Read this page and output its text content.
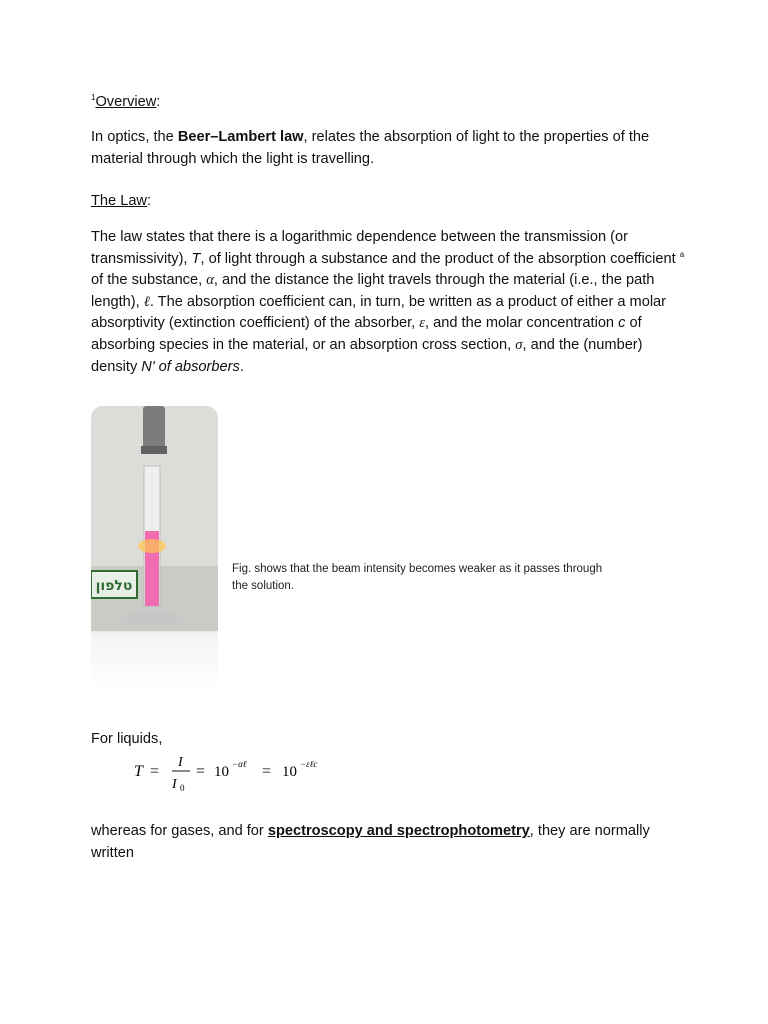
$^1$Overview:
In optics, the Beer–Lambert law, relates the absorption of light to the properties of the material through which the light is travelling.
The Law:
The law states that there is a logarithmic dependence between the transmission (or transmissivity), T, of light through a substance and the product of the absorption coefficient $^a$ of the substance, α, and the distance the light travels through the material (i.e., the path length), ℓ. The absorption coefficient can, in turn, be written as a product of either a molar absorptivity (extinction coefficient) of the absorber, ε, and the molar concentration c of absorbing species in the material, or an absorption cross section, σ, and the (number) density N' of absorbers.
טלפון
Fig. shows that the beam intensity becomes weaker as it passes through the solution.
For liquids,
T =
I
I 0
= 10 −αℓ = 10 −εℓc
whereas for gases, and for spectroscopy and spectrophotometry, they are normally written
